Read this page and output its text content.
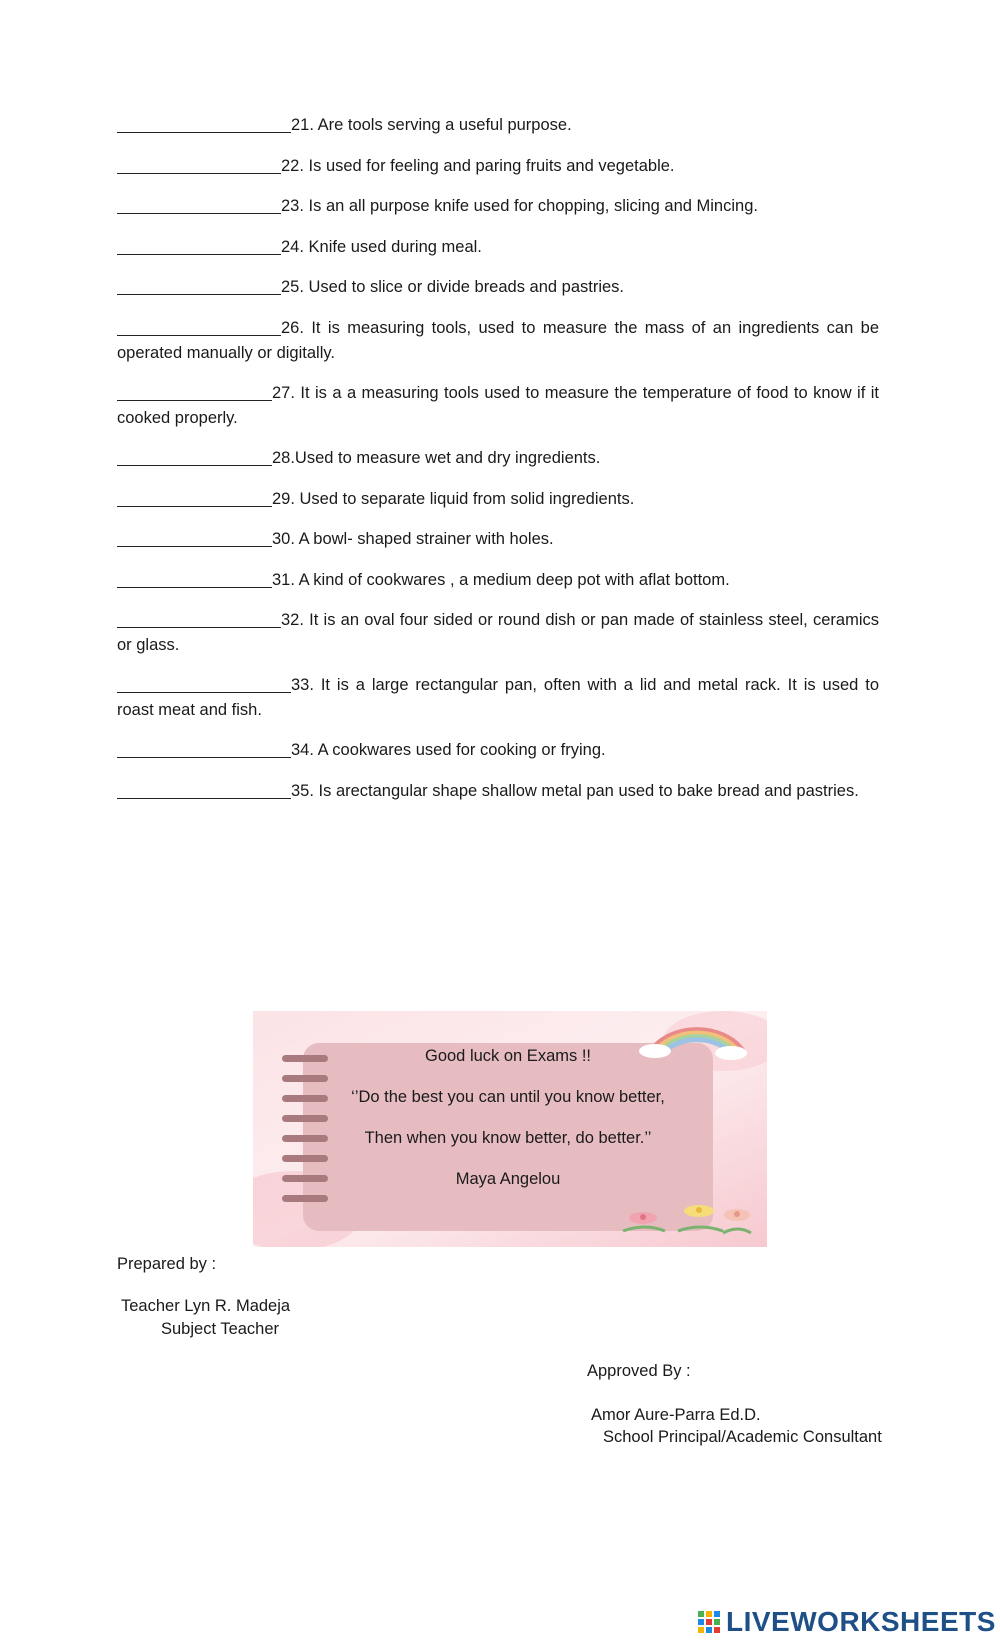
21. Are tools serving a useful purpose.
22. Is used for feeling and paring fruits and vegetable.
23. Is an all purpose knife used for chopping, slicing and Mincing.
24. Knife used during meal.
25. Used to slice or divide breads and pastries.
26. It is measuring tools, used to measure the mass of an ingredients can be operated manually or digitally.
27. It is a a measuring tools used to measure the temperature of food to know if it cooked properly.
28.Used to measure wet and dry ingredients.
29. Used to separate liquid from solid ingredients.
30. A bowl- shaped strainer with holes.
31. A kind of cookwares , a medium deep pot with aflat bottom.
32. It is an oval four sided or round dish or pan made of stainless steel, ceramics or glass.
33. It is a large rectangular pan, often with a lid and metal rack. It is used to roast meat and fish.
34. A cookwares used for cooking or frying.
35. Is arectangular shape shallow metal pan used to bake bread and pastries.
Good luck on Exams !!
‘’Do the best you can until you know better,
Then when you know better, do better.’’
Maya Angelou
Prepared by :
Teacher Lyn R. Madeja
Subject Teacher
Approved By :
Amor Aure-Parra Ed.D.
School Principal/Academic Consultant
LIVEWORKSHEETS
